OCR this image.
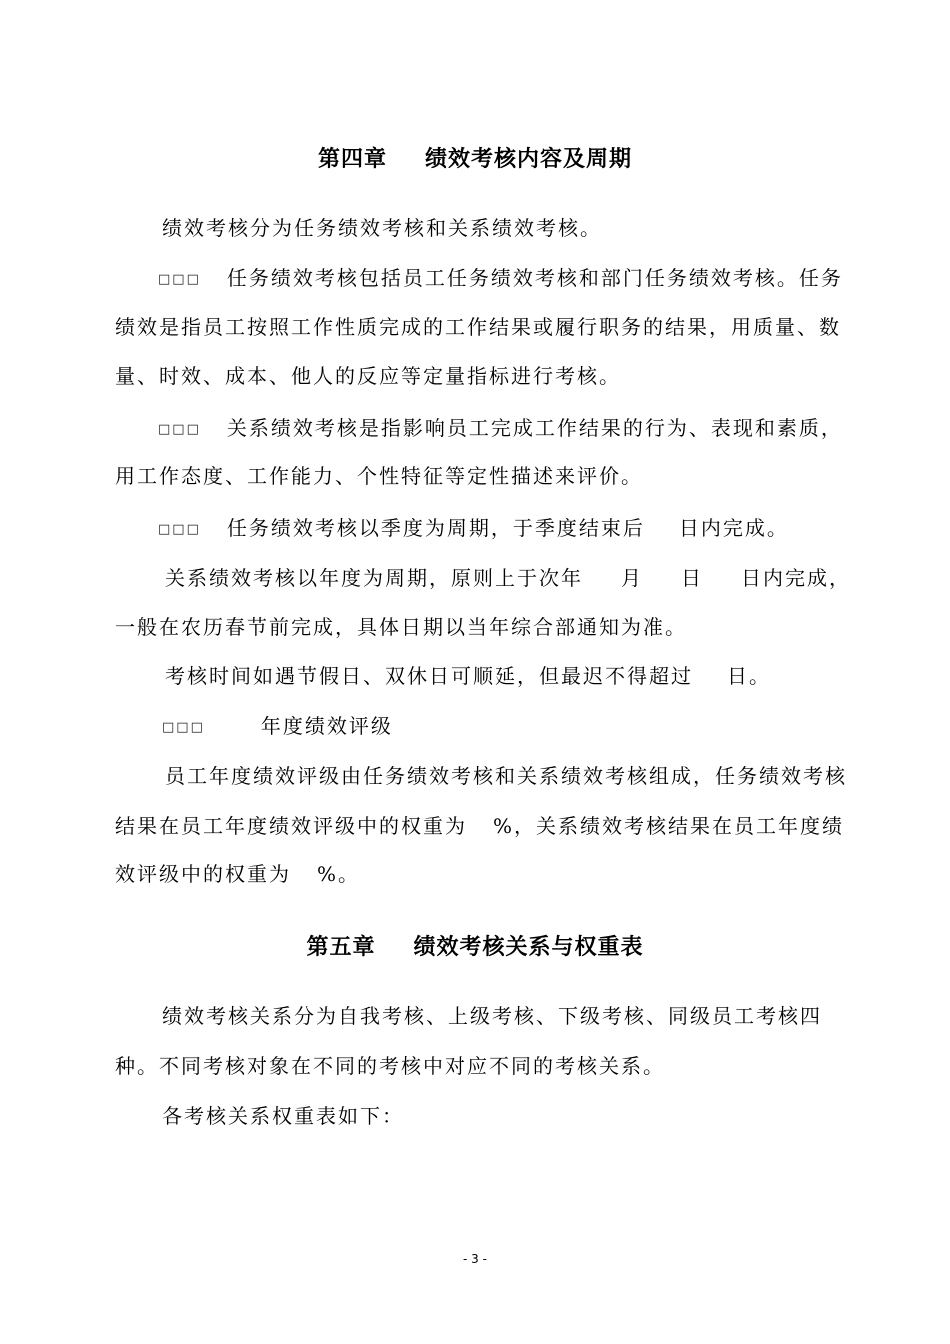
第四章 绩效考核内容及周期
绩效考核分为任务绩效考核和关系绩效考核。
□□□ 任务绩效考核包括员工任务绩效考核和部门任务绩效考核。任务
绩效是指员工按照工作性质完成的工作结果或履行职务的结果，用质量、数
量、时效、成本、他人的反应等定量指标进行考核。
□□□ 关系绩效考核是指影响员工完成工作结果的行为、表现和素质，
用工作态度、工作能力、个性特征等定性描述来评价。
□□□ 任务绩效考核以季度为周期，于季度结束后 日内完成。
关系绩效考核以年度为周期，原则上于次年 月 日 日内完成，
一般在农历春节前完成，具体日期以当年综合部通知为准。
考核时间如遇节假日、双休日可顺延，但最迟不得超过 日。
□□□	年度绩效评级
员工年度绩效评级由任务绩效考核和关系绩效考核组成，任务绩效考核
结果在员工年度绩效评级中的权重为 %，关系绩效考核结果在员工年度绩
效评级中的权重为 %。
第五章 绩效考核关系与权重表
绩效考核关系分为自我考核、上级考核、下级考核、同级员工考核四
种。不同考核对象在不同的考核中对应不同的考核关系。
各考核关系权重表如下：
- 3 -
